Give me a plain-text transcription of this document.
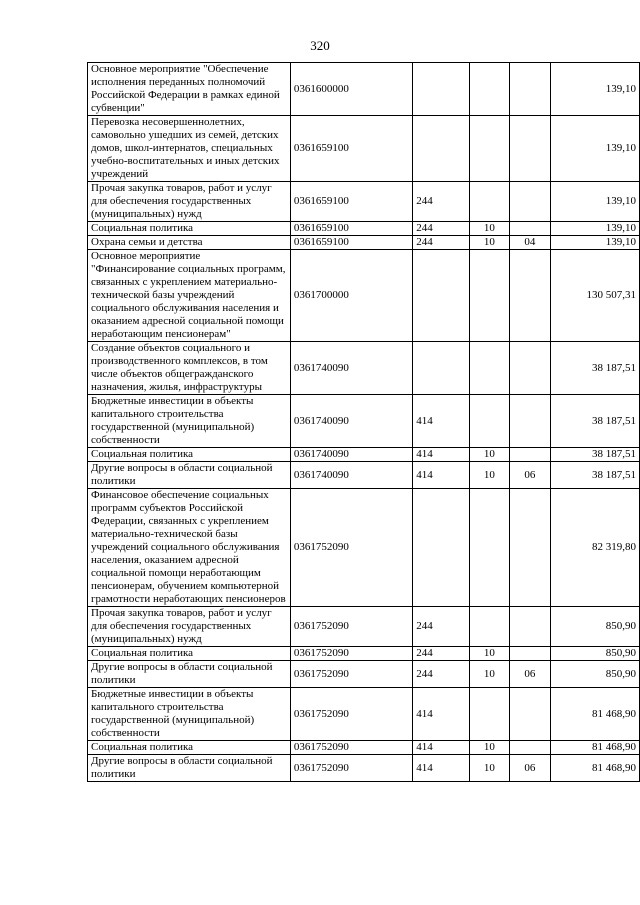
320
Основное мероприятие "Обеспечение исполнения переданных полномочий Российской Федерации в рамках единой субвенции"	0361600000				139,10
Перевозка несовершеннолетних, самовольно ушедших из семей, детских домов, школ-интернатов, специальных учебно-воспитательных и иных детских учреждений	0361659100				139,10
Прочая закупка товаров, работ и услуг для обеспечения государственных (муниципальных) нужд	0361659100	244			139,10
Социальная политика	0361659100	244	10		139,10
Охрана семьи и детства	0361659100	244	10	04	139,10
Основное мероприятие "Финансирование социальных программ, связанных с укреплением материально-технической базы учреждений социального обслуживания населения и оказанием адресной социальной помощи неработающим пенсионерам"	0361700000				130 507,31
Создание объектов социального и производственного комплексов, в том числе объектов общегражданского назначения, жилья, инфраструктуры	0361740090				38 187,51
Бюджетные инвестиции в объекты капитального строительства государственной (муниципальной) собственности	0361740090	414			38 187,51
Социальная политика	0361740090	414	10		38 187,51
Другие вопросы в области социальной политики	0361740090	414	10	06	38 187,51
Финансовое обеспечение социальных программ субъектов Российской Федерации, связанных с укреплением материально-технической базы учреждений социального обслуживания населения, оказанием адресной социальной помощи неработающим пенсионерам, обучением компьютерной грамотности неработающих пенсионеров	0361752090				82 319,80
Прочая закупка товаров, работ и услуг для обеспечения государственных (муниципальных) нужд	0361752090	244			850,90
Социальная политика	0361752090	244	10		850,90
Другие вопросы в области социальной политики	0361752090	244	10	06	850,90
Бюджетные инвестиции в объекты капитального строительства государственной (муниципальной) собственности	0361752090	414			81 468,90
Социальная политика	0361752090	414	10		81 468,90
Другие вопросы в области социальной политики	0361752090	414	10	06	81 468,90
